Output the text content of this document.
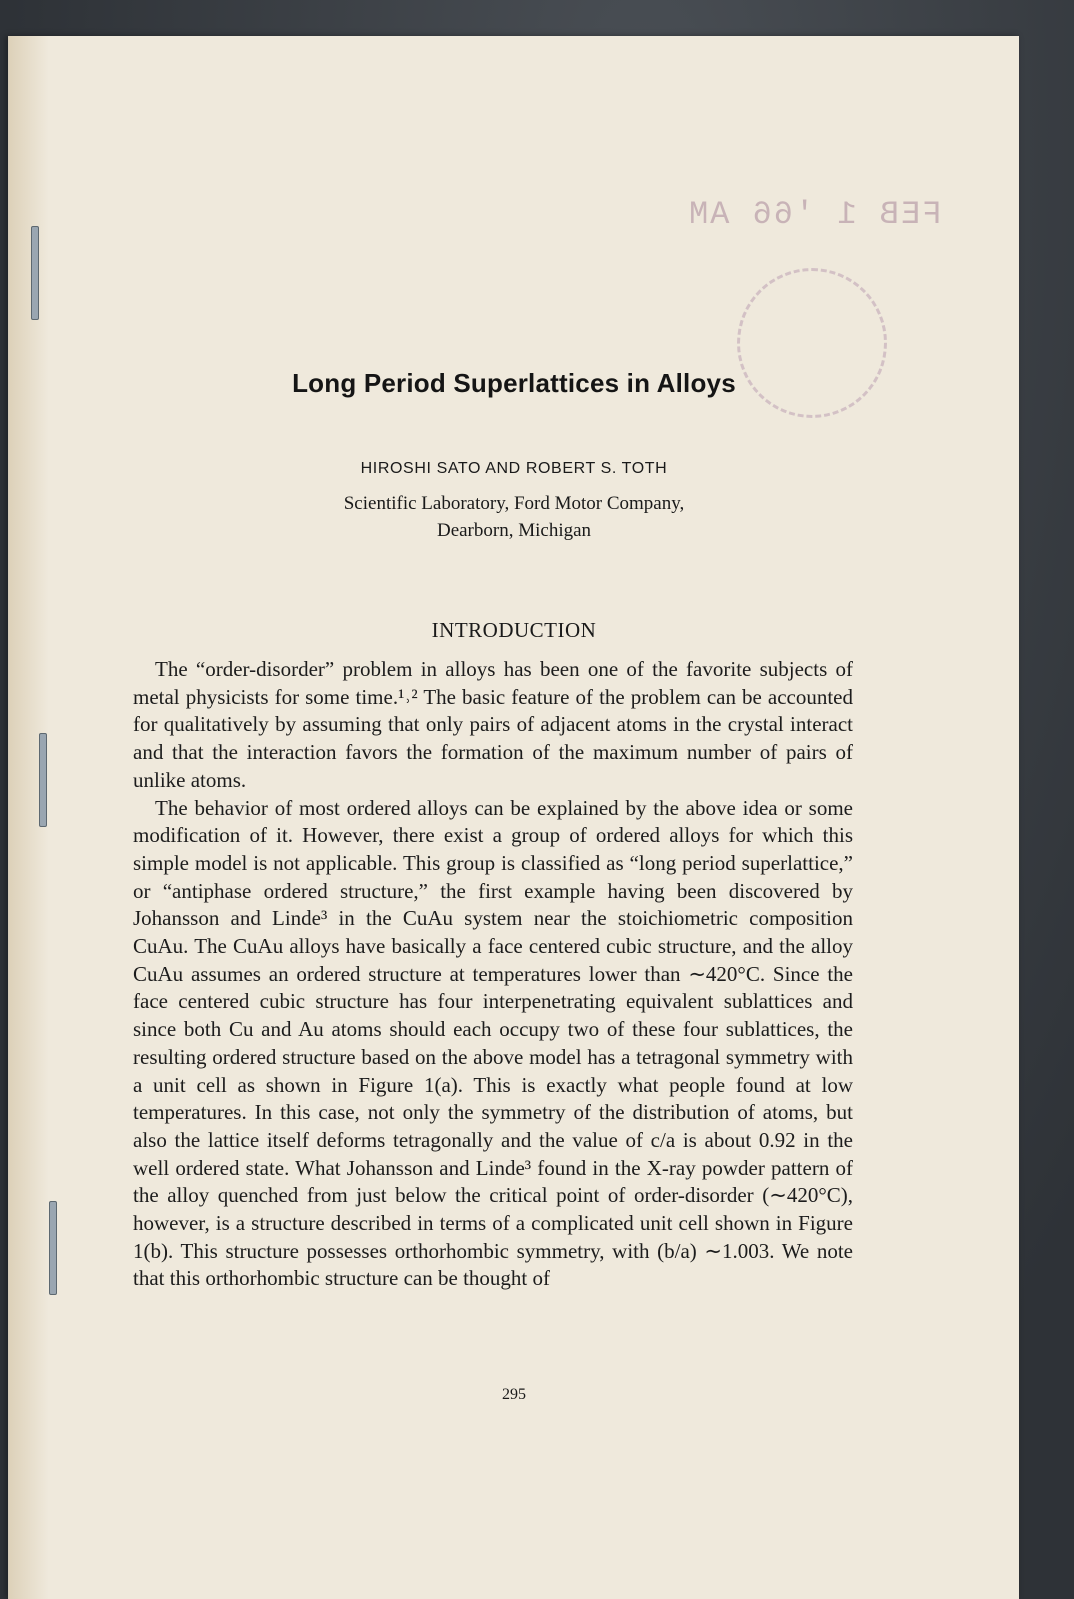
FEB 1 '66 AM
Long Period Superlattices in Alloys
HIROSHI SATO AND ROBERT S. TOTH
Scientific Laboratory, Ford Motor Company,
Dearborn, Michigan
INTRODUCTION

The “order-disorder” problem in alloys has been one of the favorite subjects of metal physicists for some time.¹˒² The basic feature of the problem can be accounted for qualitatively by assuming that only pairs of adjacent atoms in the crystal interact and that the interaction favors the formation of the maximum number of pairs of unlike atoms.

The behavior of most ordered alloys can be explained by the above idea or some modification of it. However, there exist a group of ordered alloys for which this simple model is not applicable. This group is classified as “long period superlattice,” or “antiphase ordered structure,” the first example having been discovered by Johansson and Linde³ in the CuAu system near the stoichiometric composition CuAu. The CuAu alloys have basically a face centered cubic structure, and the alloy CuAu assumes an ordered structure at temperatures lower than ∼420°C. Since the face centered cubic structure has four interpenetrating equivalent sublattices and since both Cu and Au atoms should each occupy two of these four sublattices, the resulting ordered structure based on the above model has a tetragonal symmetry with a unit cell as shown in Figure 1(a). This is exactly what people found at low temperatures. In this case, not only the symmetry of the distribution of atoms, but also the lattice itself deforms tetragonally and the value of c/a is about 0.92 in the well ordered state. What Johansson and Linde³ found in the X-ray powder pattern of the alloy quenched from just below the critical point of order-disorder (∼420°C), however, is a structure described in terms of a complicated unit cell shown in Figure 1(b). This structure possesses orthorhombic symmetry, with (b/a) ∼1.003. We note that this orthorhombic structure can be thought of

295
